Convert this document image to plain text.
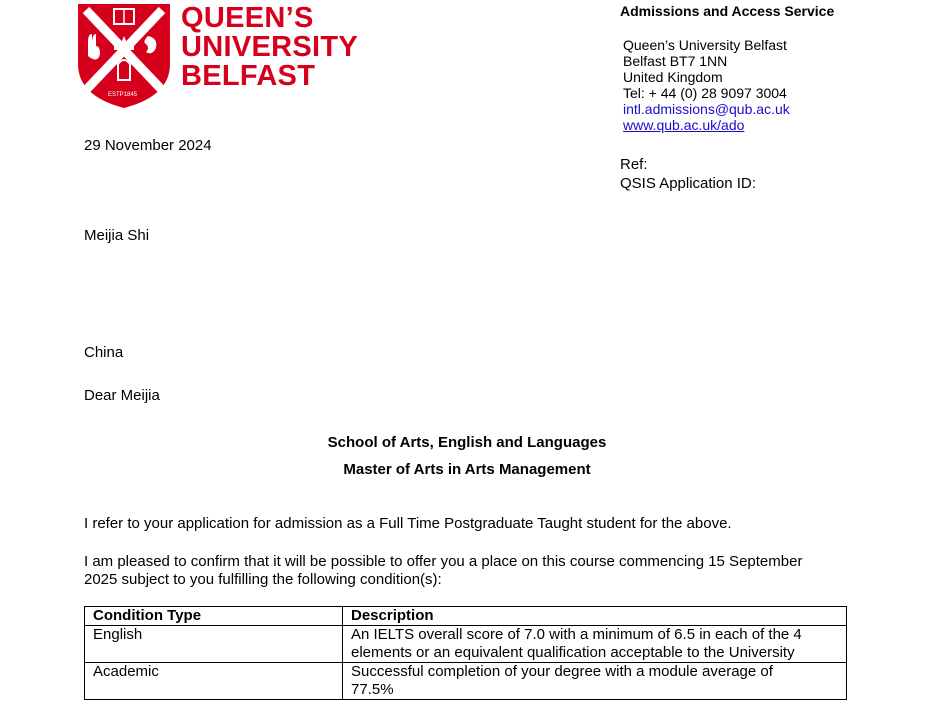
ESTP1845
QUEEN’S
UNIVERSITY
BELFAST
Admissions and Access Service
Queen’s University Belfast
Belfast BT7 1NN
United Kingdom
Tel: + 44 (0) 28 9097 3004
intl.admissions@qub.ac.uk
www.qub.ac.uk/ado
29 November 2024
Ref:
QSIS Application ID:
Meijia Shi
China
Dear Meijia
School of Arts, English and Languages
Master of Arts in Arts Management
I refer to your application for admission as a Full Time Postgraduate Taught student for the above.
I am pleased to confirm that it will be possible to offer you a place on this course commencing 15 September
2025 subject to you fulfilling the following condition(s):
Condition Type	Description
English	An IELTS overall score of 7.0 with a minimum of 6.5 in each of the 4
elements or an equivalent qualification acceptable to the University

Academic	Successful completion of your degree with a module average of
77.5%
